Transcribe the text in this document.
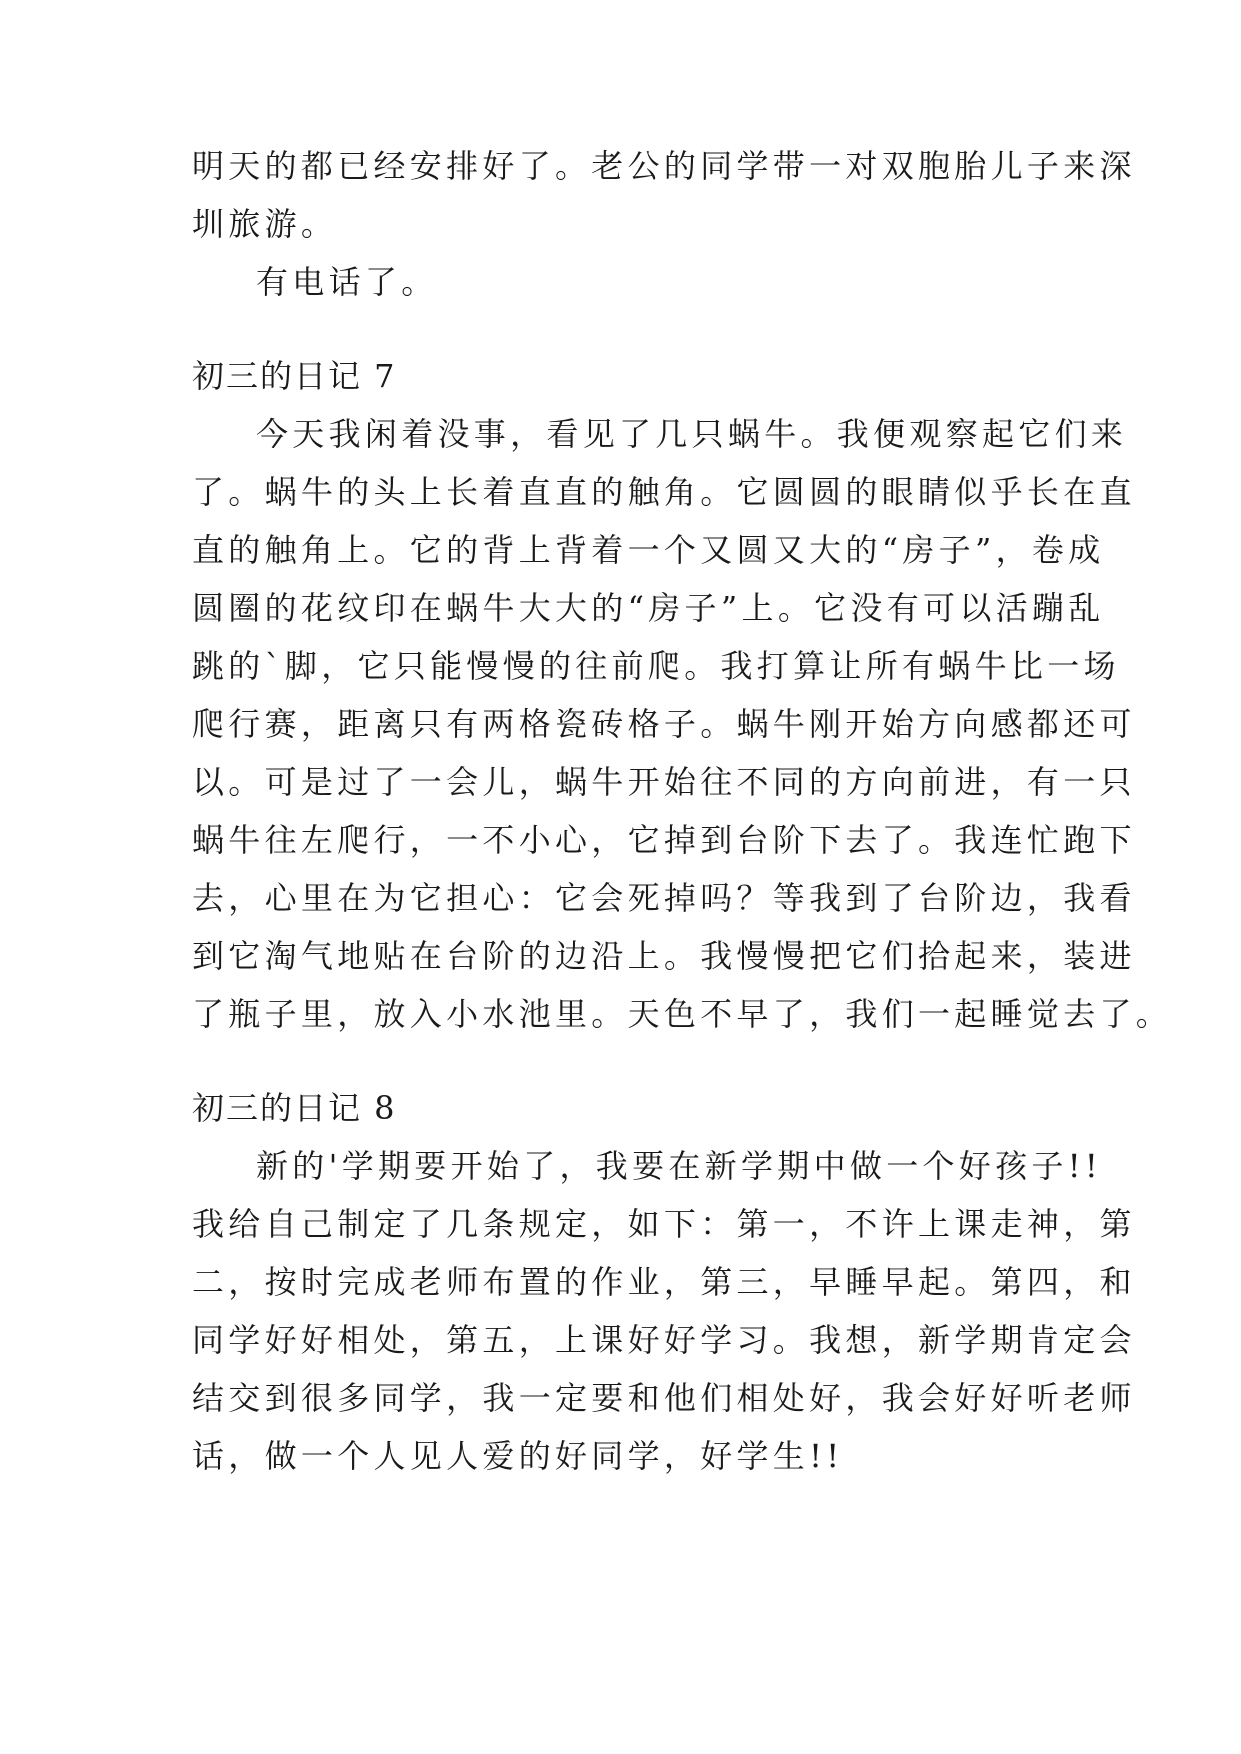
明天的都已经安排好了。老公的同学带一对双胞胎儿子来深

圳旅游。

有电话了。

初三的日记 7

今天我闲着没事，看见了几只蜗牛。我便观察起它们来

了。蜗牛的头上长着直直的触角。它圆圆的眼睛似乎长在直

直的触角上。它的背上背着一个又圆又大的“房子”，卷成

圆圈的花纹印在蜗牛大大的“房子”上。它没有可以活蹦乱

跳的`脚，它只能慢慢的往前爬。我打算让所有蜗牛比一场

爬行赛，距离只有两格瓷砖格子。蜗牛刚开始方向感都还可

以。可是过了一会儿，蜗牛开始往不同的方向前进，有一只

蜗牛往左爬行，一不小心，它掉到台阶下去了。我连忙跑下

去，心里在为它担心：它会死掉吗？等我到了台阶边，我看

到它淘气地贴在台阶的边沿上。我慢慢把它们拾起来，装进

了瓶子里，放入小水池里。天色不早了，我们一起睡觉去了。

初三的日记 8

新的'学期要开始了，我要在新学期中做一个好孩子!!

我给自己制定了几条规定，如下：第一，不许上课走神，第

二，按时完成老师布置的作业，第三，早睡早起。第四，和

同学好好相处，第五，上课好好学习。我想，新学期肯定会

结交到很多同学，我一定要和他们相处好，我会好好听老师

话，做一个人见人爱的好同学，好学生!!
